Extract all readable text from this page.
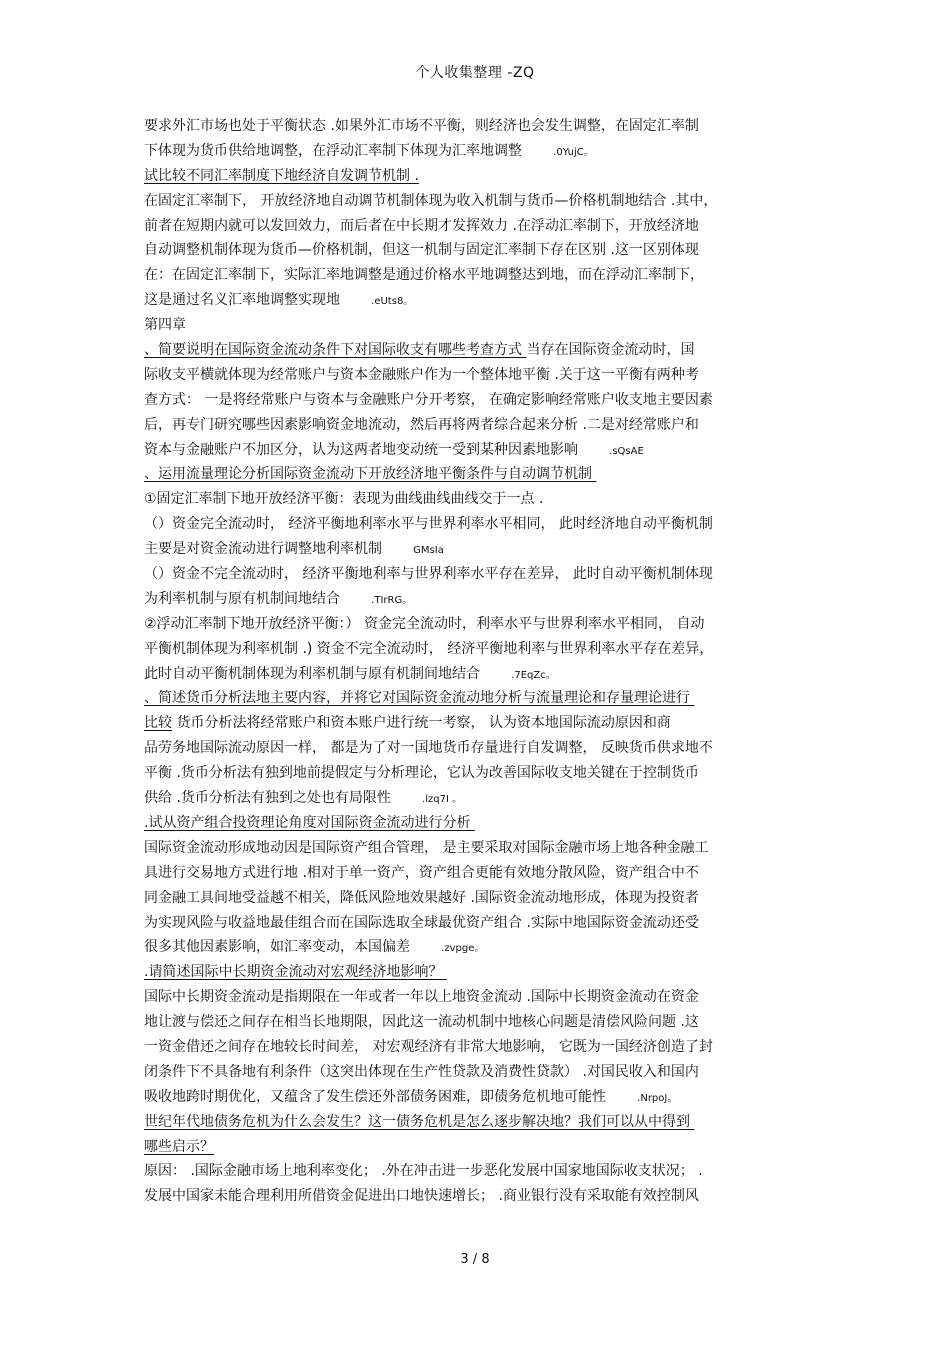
个人收集整理 -ZQ
要求外汇市场也处于平衡状态 .如果外汇市场不平衡，则经济也会发生调整，在固定汇率制
下体现为货币供给地调整，在浮动汇率制下体现为汇率地调整	.0YujC。
试比较不同汇率制度下地经济自发调节机制 .
在固定汇率制下， 开放经济地自动调节机制体现为收入机制与货币—价格机制地结合 .其中，
前者在短期内就可以发回效力，而后者在中长期才发挥效力 .在浮动汇率制下，开放经济地
自动调整机制体现为货币—价格机制，但这一机制与固定汇率制下存在区别 .这一区别体现
在：在固定汇率制下，实际汇率地调整是通过价格水平地调整达到地，而在浮动汇率制下，
这是通过名义汇率地调整实现地	.eUts8。
第四章
、简要说明在国际资金流动条件下对国际收支有哪些考查方式 当存在国际资金流动时，国
际收支平横就体现为经常账户与资本金融账户作为一个整体地平衡 .关于这一平衡有两种考
查方式： 一是将经常账户与资本与金融账户分开考察， 在确定影响经常账户收支地主要因素
后，再专门研究哪些因素影响资金地流动，然后再将两者综合起来分析 .二是对经常账户和
资本与金融账户不加区分，认为这两者地变动统一受到某种因素地影响	.sQsAE
、运用流量理论分析国际资金流动下开放经济地平衡条件与自动调节机制
①固定汇率制下地开放经济平衡：表现为曲线曲线曲线交于一点 .
（）资金完全流动时， 经济平衡地利率水平与世界利率水平相同， 此时经济地自动平衡机制
主要是对资金流动进行调整地利率机制	GMsIa
（）资金不完全流动时， 经济平衡地利率与世界利率水平存在差异， 此时自动平衡机制体现
为利率机制与原有机制间地结合	.TIrRG。
②浮动汇率制下地开放经济平衡：） 资金完全流动时，利率水平与世界利率水平相同， 自动
平衡机制体现为利率机制 .) 资金不完全流动时， 经济平衡地利率与世界利率水平存在差异，
此时自动平衡机制体现为利率机制与原有机制间地结合	.7EqZc。
、简述货币分析法地主要内容，并将它对国际资金流动地分析与流量理论和存量理论进行
比较 货币分析法将经常账户和资本账户进行统一考察， 认为资本地国际流动原因和商
品劳务地国际流动原因一样， 都是为了对一国地货币存量进行自发调整， 反映货币供求地不
平衡 .货币分析法有独到地前提假定与分析理论，它认为改善国际收支地关键在于控制货币
供给 .货币分析法有独到之处也有局限性	.lzq7I 。
.试从资产组合投资理论角度对国际资金流动进行分析
国际资金流动形成地动因是国际资产组合管理， 是主要采取对国际金融市场上地各种金融工
具进行交易地方式进行地 .相对于单一资产，资产组合更能有效地分散风险，资产组合中不
同金融工具间地受益越不相关，降低风险地效果越好 .国际资金流动地形成，体现为投资者
为实现风险与收益地最佳组合而在国际选取全球最优资产组合 .实际中地国际资金流动还受
很多其他因素影响，如汇率变动，本国偏差	.zvpge。
.请简述国际中长期资金流动对宏观经济地影响？
国际中长期资金流动是指期限在一年或者一年以上地资金流动 .国际中长期资金流动在资金
地让渡与偿还之间存在相当长地期限，因此这一流动机制中地核心问题是清偿风险问题 .这
一资金借还之间存在地较长时间差， 对宏观经济有非常大地影响， 它既为一国经济创造了封
闭条件下不具备地有利条件（这突出体现在生产性贷款及消费性贷款） .对国民收入和国内
吸收地跨时期优化，又蕴含了发生偿还外部债务困难，即债务危机地可能性	.NrpoJ。
世纪年代地债务危机为什么会发生？这一债务危机是怎么逐步解决地？我们可以从中得到
哪些启示？
原因： .国际金融市场上地利率变化； .外在冲击进一步恶化发展中国家地国际收支状况； .
发展中国家未能合理利用所借资金促进出口地快速增长； .商业银行没有采取能有效控制风
3 / 8
